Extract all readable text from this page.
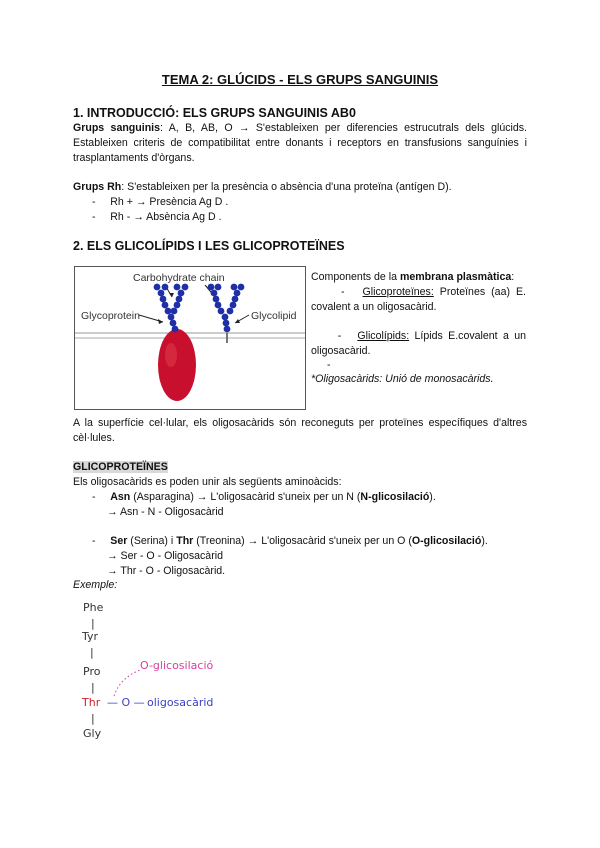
TEMA 2: GLÚCIDS - ELS GRUPS SANGUINIS
1. INTRODUCCIÓ: ELS GRUPS SANGUINIS AB0

Grups sanguinis: A, B, AB, O → S'estableixen per diferencies estrucutrals dels glúcids. Estableixen criteris de compatibilitat entre donants i receptors en transfusions sanguínies i trasplantaments d'òrgans.

Grups Rh: S'estableixen per la presència o absència d'una proteïna (antígen D).

-     Rh + → Presència Ag D .
-     Rh - → Absència Ag D .
2. ELS GLICOLÍPIDS I LES GLICOPROTEÏNES
Carbohydrate chain
Glycoprotein	Glycolipid

Components de la membrana plasmàtica:

-   Glicoproteïnes: Proteïnes (aa) E. covalent a un oligosacàrid.

-   Glicolípids: Lípids E.covalent a un oligosacàrid.

-

*Oligosacàrids: Unió de monosacàrids.

A la superfície cel·lular, els oligosacàrids són reconeguts per proteïnes específiques d'altres cèl·lules.

GLICOPROTEÏNES
Els oligosacàrids es poden unir als següents aminoàcids:
-     Asn (Asparagina) → L'oligosacàrid s'uneix per un N (N-glicosilació).
→ Asn - N - Oligosacàrid
-     Ser (Serina) i Thr (Treonina) → L'oligosacàrid s'uneix per un O (O-glicosilació).
→ Ser - O - Oligosacàrid
→ Thr - O - Oligosacàrid.
Exemple:
Phe
|
Tyr
|
Pro
|
Thr
|
Gly
— O — oligosacàrid
O-glicosilació
